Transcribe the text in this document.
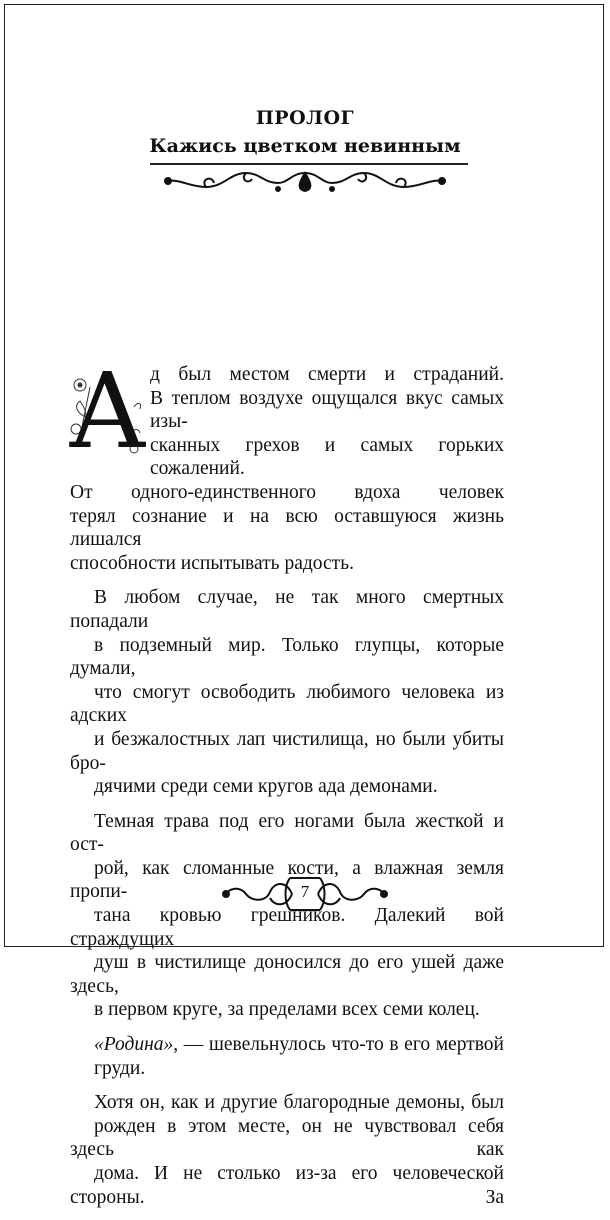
ПРОЛОГ
Кажись цветком невинным

А д был местом смерти и страданий.
В теплом воздухе ощущался вкус самых изы-
сканных грехов и самых горьких сожалений.
От одного-единственного вдоха человек
терял сознание и на всю оставшуюся жизнь лишался
способности испытывать радость.

В любом случае, не так много смертных попадали
в подземный мир. Только глупцы, которые думали,
что смогут освободить любимого человека из адских
и безжалостных лап чистилища, но были убиты бро-
дячими среди семи кругов ада демонами.

Темная трава под его ногами была жесткой и ост-
рой, как сломанные кости, а влажная земля пропи-
тана кровью грешников. Далекий вой страждущих
душ в чистилище доносился до его ушей даже здесь,
в первом круге, за пределами всех семи колец.

«Родина», — шевельнулось что-то в его мертвой
груди.

Хотя он, как и другие благородные демоны, был
рожден в этом месте, он не чувствовал себя здесь как
дома. И не столько из-за его человеческой стороны. За

7
